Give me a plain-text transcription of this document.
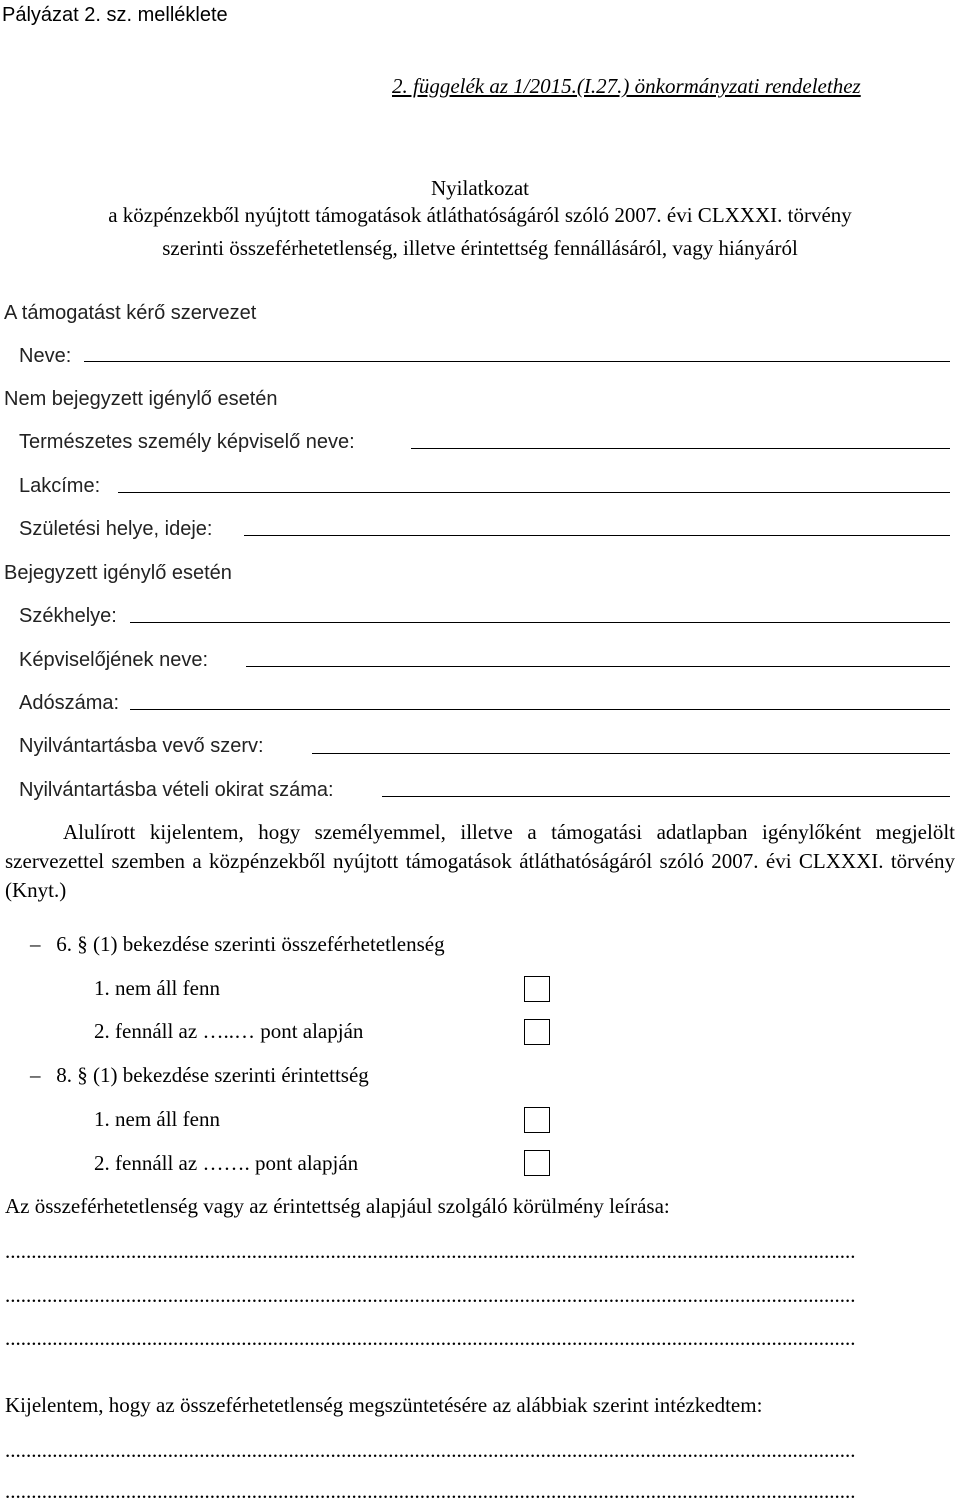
Pályázat 2. sz. melléklete
2. függelék az 1/2015.(I.27.) önkormányzati rendelethez
Nyilatkozat
a közpénzekből nyújtott támogatások átláthatóságáról szóló 2007. évi CLXXXI. törvény
szerinti összeférhetetlenség, illetve érintettség fennállásáról, vagy hiányáról
A támogatást kérő szervezet
Neve:
Nem bejegyzett igénylő esetén
Természetes személy képviselő neve:
Lakcíme:
Születési helye, ideje:
Bejegyzett igénylő esetén
Székhelye:
Képviselőjének neve:
Adószáma:
Nyilvántartásba vevő szerv:
Nyilvántartásba vételi okirat száma:
Alulírott kijelentem, hogy személyemmel, illetve a támogatási adatlapban igénylőként megjelölt szervezettel szemben a közpénzekből nyújtott támogatások átláthatóságáról szóló 2007. évi CLXXXI. törvény (Knyt.)
–   6. § (1) bekezdése szerinti összeférhetetlenség
1. nem áll fenn
2. fennáll az …..… pont alapján
–   8. § (1) bekezdése szerinti érintettség
1. nem áll fenn
2. fennáll az ……. pont alapján
Az összeférhetetlenség vagy az érintettség alapjául szolgáló körülmény leírása:
..................................................................................................................................................................
..................................................................................................................................................................
..................................................................................................................................................................
Kijelentem, hogy az összeférhetetlenség megszüntetésére az alábbiak szerint intézkedtem:
..................................................................................................................................................................
..................................................................................................................................................................
